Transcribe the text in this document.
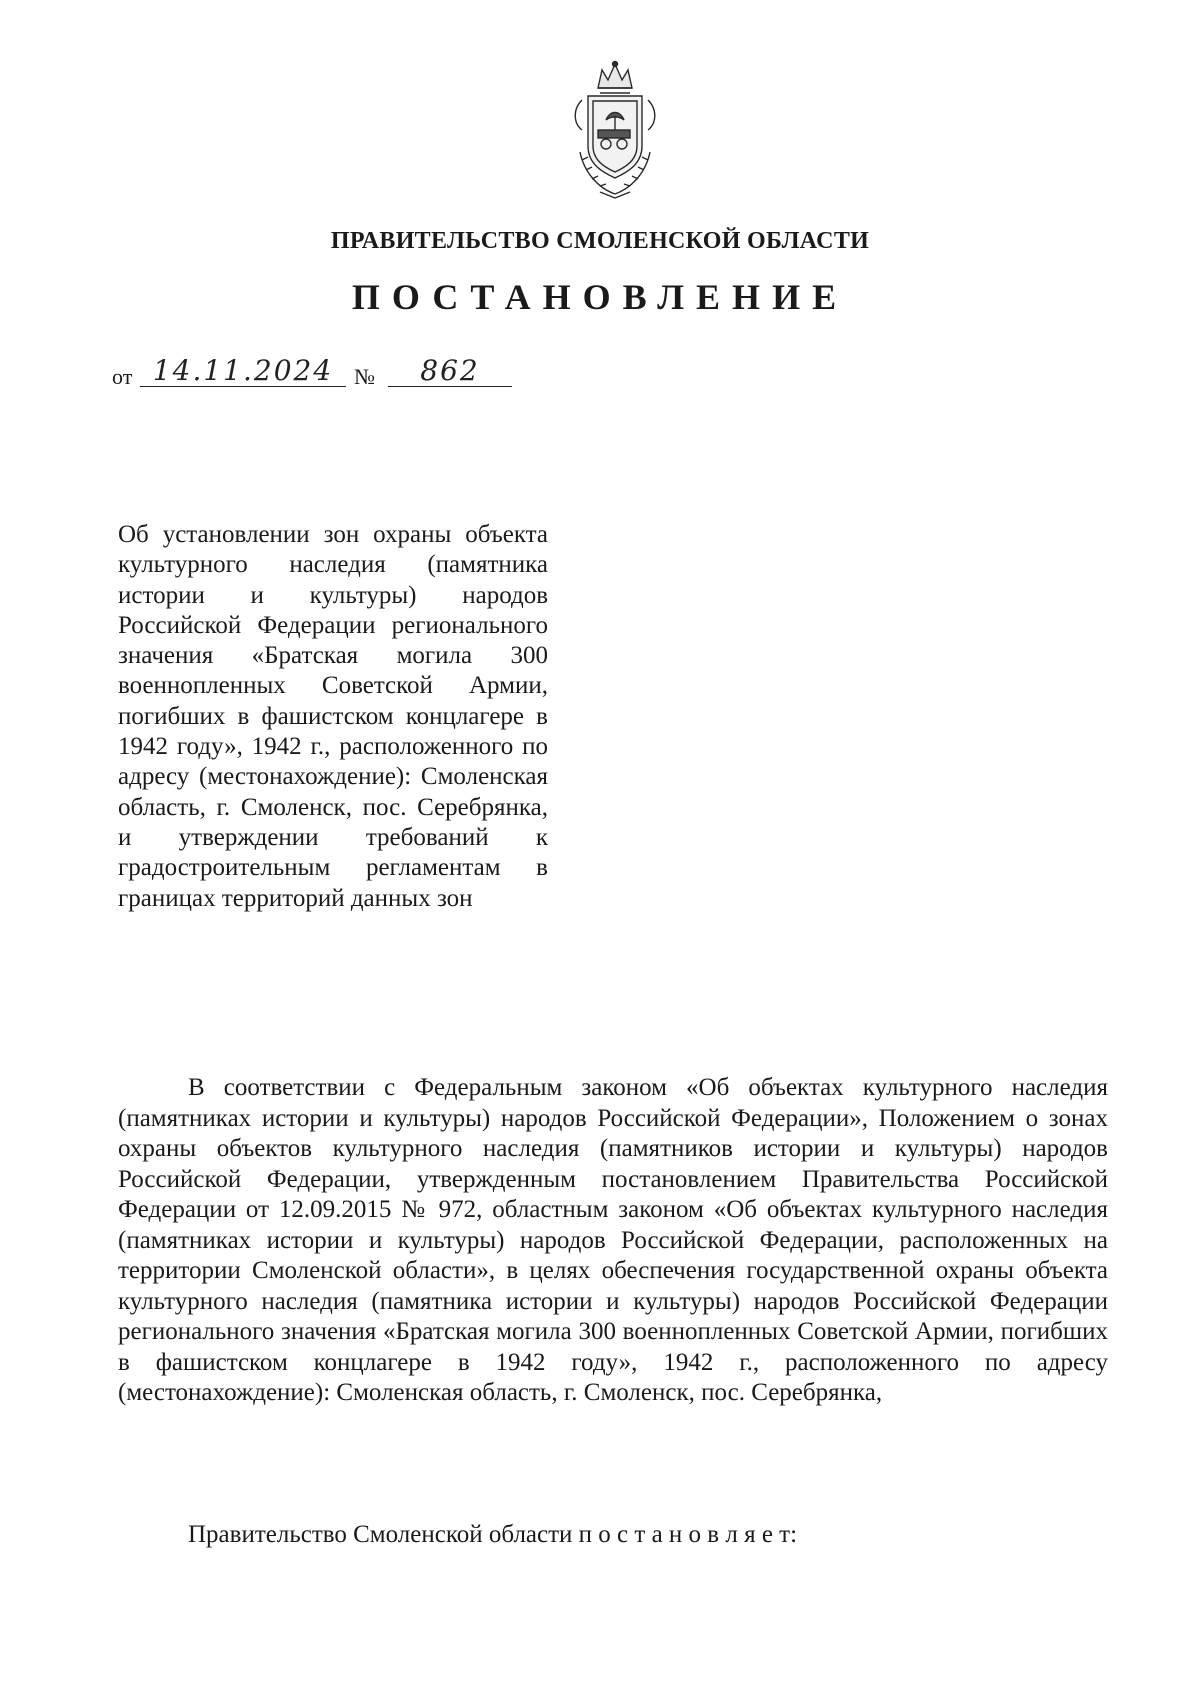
ПРАВИТЕЛЬСТВО СМОЛЕНСКОЙ ОБЛАСТИ
ПОСТАНОВЛЕНИЕ
от 14.11.2024 №	862
Об установлении зон охраны объекта культурного наследия (памятника истории и культуры) народов Российской Федерации регионального значения «Братская могила 300 военнопленных Советской Армии, погибших в фашистском концлагере в 1942 году», 1942 г., расположенного по адресу (местонахождение): Смоленская область, г. Смоленск, пос. Серебрянка, и утверждении требований к градостроительным регламентам в границах территорий данных зон
В соответствии с Федеральным законом «Об объектах культурного наследия (памятниках истории и культуры) народов Российской Федерации», Положением о зонах охраны объектов культурного наследия (памятников истории и культуры) народов Российской Федерации, утвержденным постановлением Правительства Российской Федерации от 12.09.2015 № 972, областным законом «Об объектах культурного наследия (памятниках истории и культуры) народов Российской Федерации, расположенных на территории Смоленской области», в целях обеспечения государственной охраны объекта культурного наследия (памятника истории и культуры) народов Российской Федерации регионального значения «Братская могила 300 военнопленных Советской Армии, погибших в фашистском концлагере в 1942 году», 1942 г., расположенного по адресу (местонахождение): Смоленская область, г. Смоленск, пос. Серебрянка,
Правительство Смоленской области п о с т а н о в л я е т:
